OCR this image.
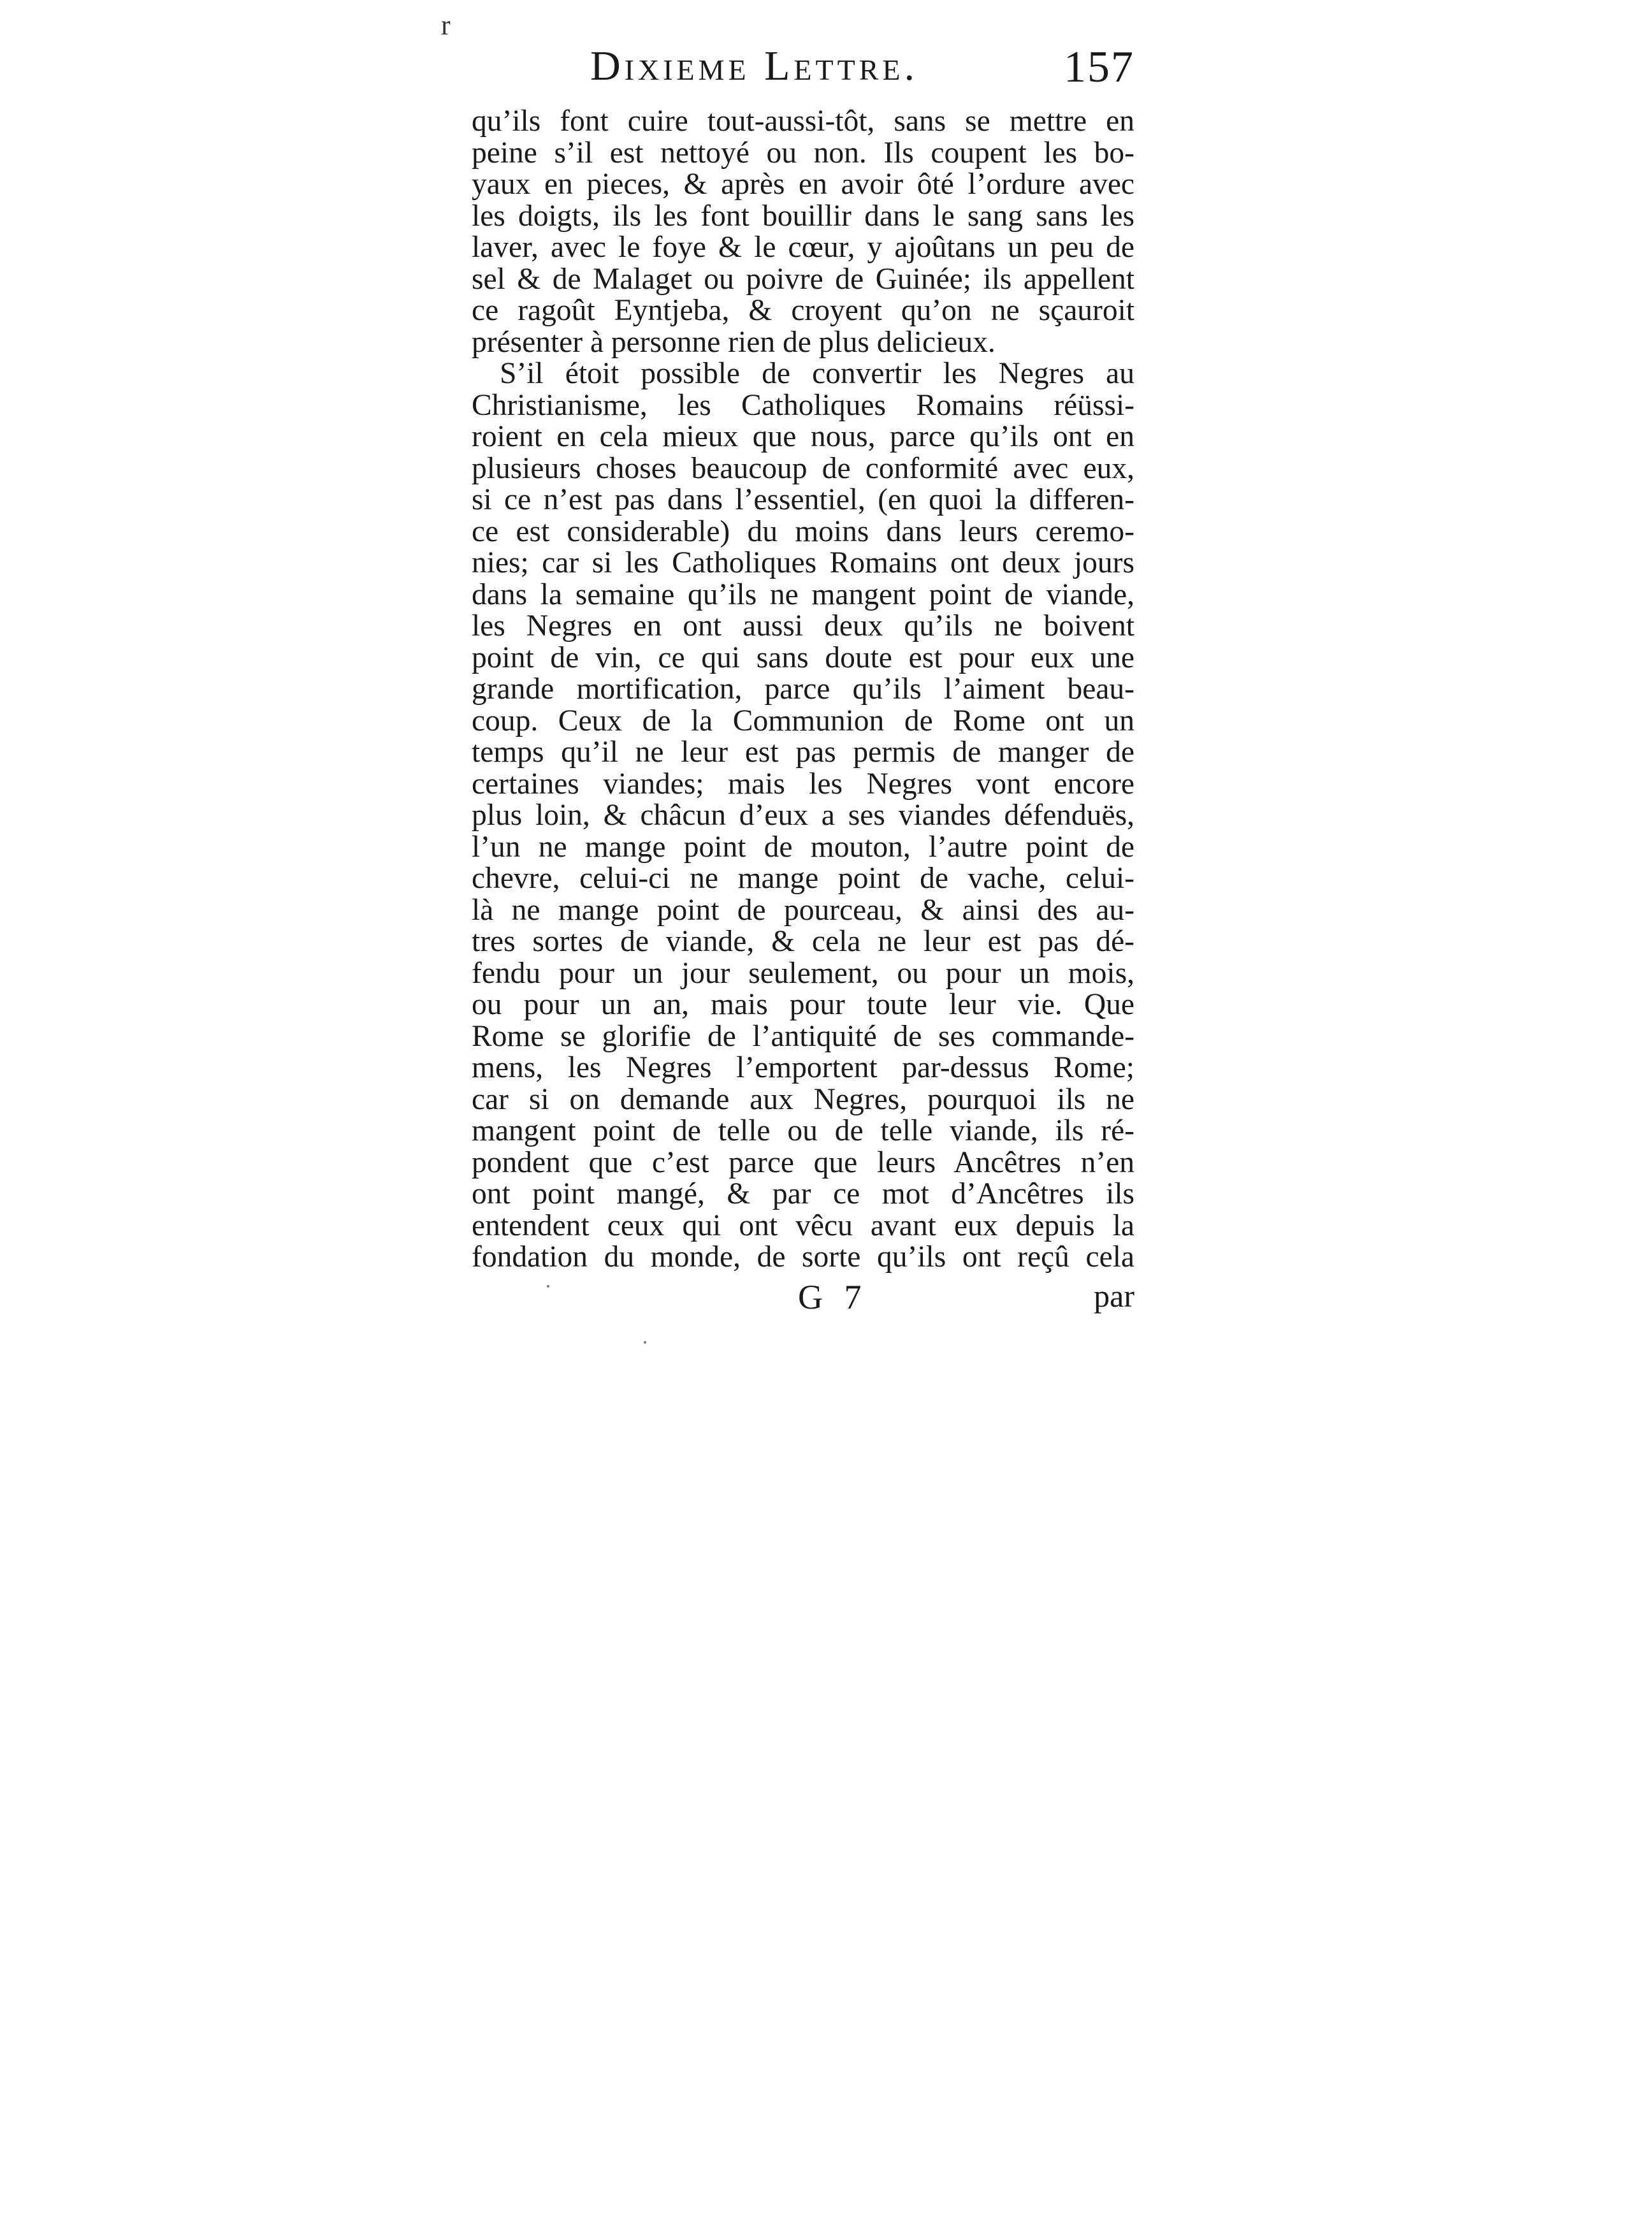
r
Dixieme Lettre.	157
qu’ils font cuire tout-aussi-tôt, sans se mettre en
peine s’il est nettoyé ou non. Ils coupent les bo-
yaux en pieces, & après en avoir ôté l’ordure avec
les doigts, ils les font bouillir dans le sang sans les
laver, avec le foye & le cœur, y ajoûtans un peu de
sel & de Malaget ou poivre de Guinée; ils appellent
ce ragoût Eyntjeba, & croyent qu’on ne sçauroit
présenter à personne rien de plus delicieux.
S’il étoit possible de convertir les Negres au
Christianisme, les Catholiques Romains réüssi-
roient en cela mieux que nous, parce qu’ils ont en
plusieurs choses beaucoup de conformité avec eux,
si ce n’est pas dans l’essentiel, (en quoi la differen-
ce est considerable) du moins dans leurs ceremo-
nies; car si les Catholiques Romains ont deux jours
dans la semaine qu’ils ne mangent point de viande,
les Negres en ont aussi deux qu’ils ne boivent
point de vin, ce qui sans doute est pour eux une
grande mortification, parce qu’ils l’aiment beau-
coup. Ceux de la Communion de Rome ont un
temps qu’il ne leur est pas permis de manger de
certaines viandes; mais les Negres vont encore
plus loin, & châcun d’eux a ses viandes défenduës,
l’un ne mange point de mouton, l’autre point de
chevre, celui-ci ne mange point de vache, celui-
là ne mange point de pourceau, & ainsi des au-
tres sortes de viande, & cela ne leur est pas dé-
fendu pour un jour seulement, ou pour un mois,
ou pour un an, mais pour toute leur vie. Que
Rome se glorifie de l’antiquité de ses commande-
mens, les Negres l’emportent par-dessus Rome;
car si on demande aux Negres, pourquoi ils ne
mangent point de telle ou de telle viande, ils ré-
pondent que c’est parce que leurs Ancêtres n’en
ont point mangé, & par ce mot d’Ancêtres ils
entendent ceux qui ont vêcu avant eux depuis la
fondation du monde, de sorte qu’ils ont reçû cela
G 7	par
